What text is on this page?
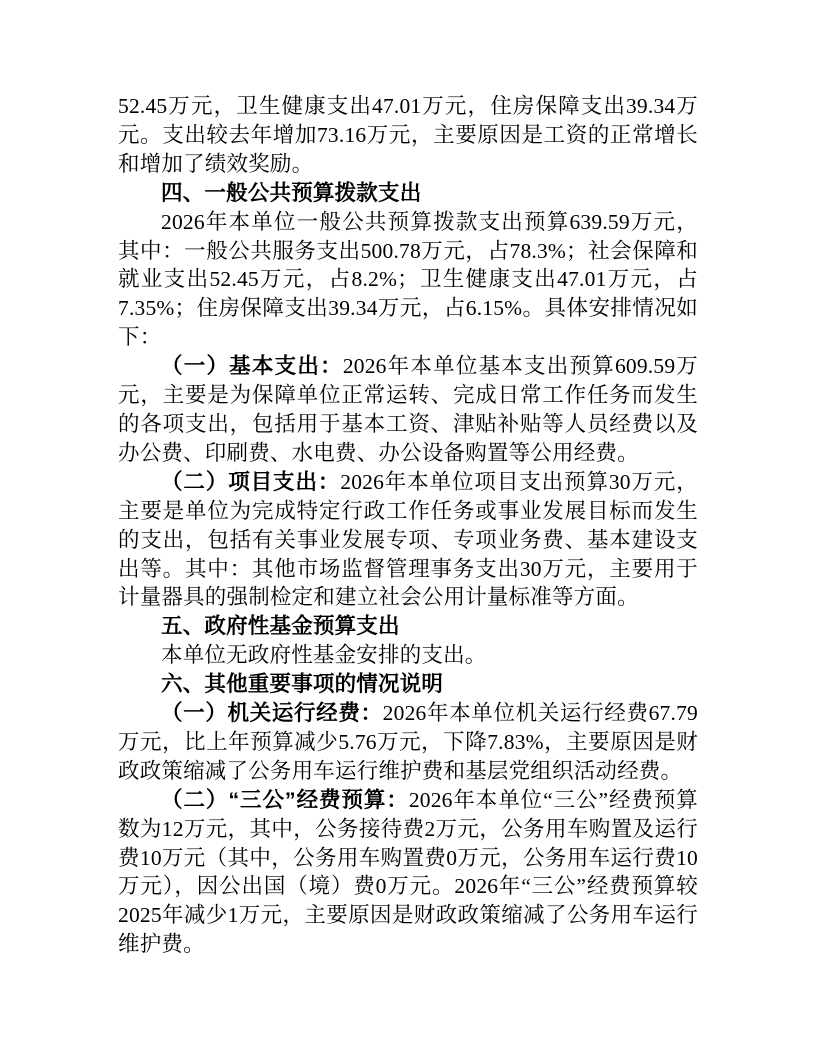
52.45万元，卫生健康支出47.01万元，住房保障支出39.34万元。支出较去年增加73.16万元，主要原因是工资的正常增长和增加了绩效奖励。

四、一般公共预算拨款支出

2026年本单位一般公共预算拨款支出预算639.59万元，其中：一般公共服务支出500.78万元，占78.3%；社会保障和就业支出52.45万元，占8.2%；卫生健康支出47.01万元，占7.35%；住房保障支出39.34万元，占6.15%。具体安排情况如下：

（一）基本支出：2026年本单位基本支出预算609.59万元，主要是为保障单位正常运转、完成日常工作任务而发生的各项支出，包括用于基本工资、津贴补贴等人员经费以及办公费、印刷费、水电费、办公设备购置等公用经费。

（二）项目支出：2026年本单位项目支出预算30万元，主要是单位为完成特定行政工作任务或事业发展目标而发生的支出，包括有关事业发展专项、专项业务费、基本建设支出等。其中：其他市场监督管理事务支出30万元，主要用于计量器具的强制检定和建立社会公用计量标准等方面。

五、政府性基金预算支出

本单位无政府性基金安排的支出。

六、其他重要事项的情况说明

（一）机关运行经费：2026年本单位机关运行经费67.79万元，比上年预算减少5.76万元，下降7.83%，主要原因是财政政策缩减了公务用车运行维护费和基层党组织活动经费。

（二）“三公”经费预算：2026年本单位“三公”经费预算数为12万元，其中，公务接待费2万元，公务用车购置及运行费10万元（其中，公务用车购置费0万元，公务用车运行费10万元），因公出国（境）费0万元。2026年“三公”经费预算较2025年减少1万元，主要原因是财政政策缩减了公务用车运行维护费。
